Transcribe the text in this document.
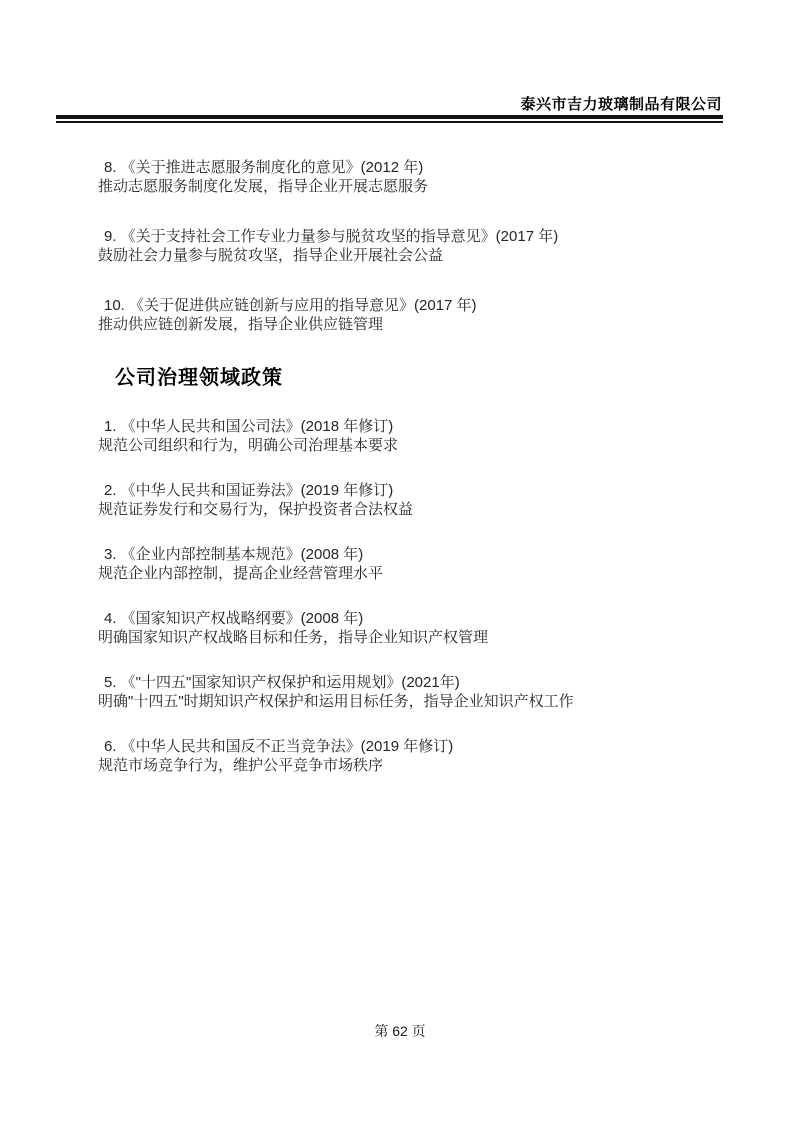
泰兴市吉力玻璃制品有限公司

8. 《关于推进志愿服务制度化的意见》(2012 年)

推动志愿服务制度化发展，指导企业开展志愿服务

9. 《关于支持社会工作专业力量参与脱贫攻坚的指导意见》(2017 年)

鼓励社会力量参与脱贫攻坚，指导企业开展社会公益

10. 《关于促进供应链创新与应用的指导意见》(2017 年)

推动供应链创新发展，指导企业供应链管理

公司治理领域政策

1. 《中华人民共和国公司法》(2018 年修订)

规范公司组织和行为，明确公司治理基本要求

2. 《中华人民共和国证券法》(2019 年修订)

规范证券发行和交易行为，保护投资者合法权益

3. 《企业内部控制基本规范》(2008 年)

规范企业内部控制，提高企业经营管理水平

4. 《国家知识产权战略纲要》(2008 年)

明确国家知识产权战略目标和任务，指导企业知识产权管理

5. 《"十四五"国家知识产权保护和运用规划》(2021年)

明确"十四五"时期知识产权保护和运用目标任务，指导企业知识产权工作

6. 《中华人民共和国反不正当竞争法》(2019 年修订)

规范市场竞争行为，维护公平竞争市场秩序

第 62 页
